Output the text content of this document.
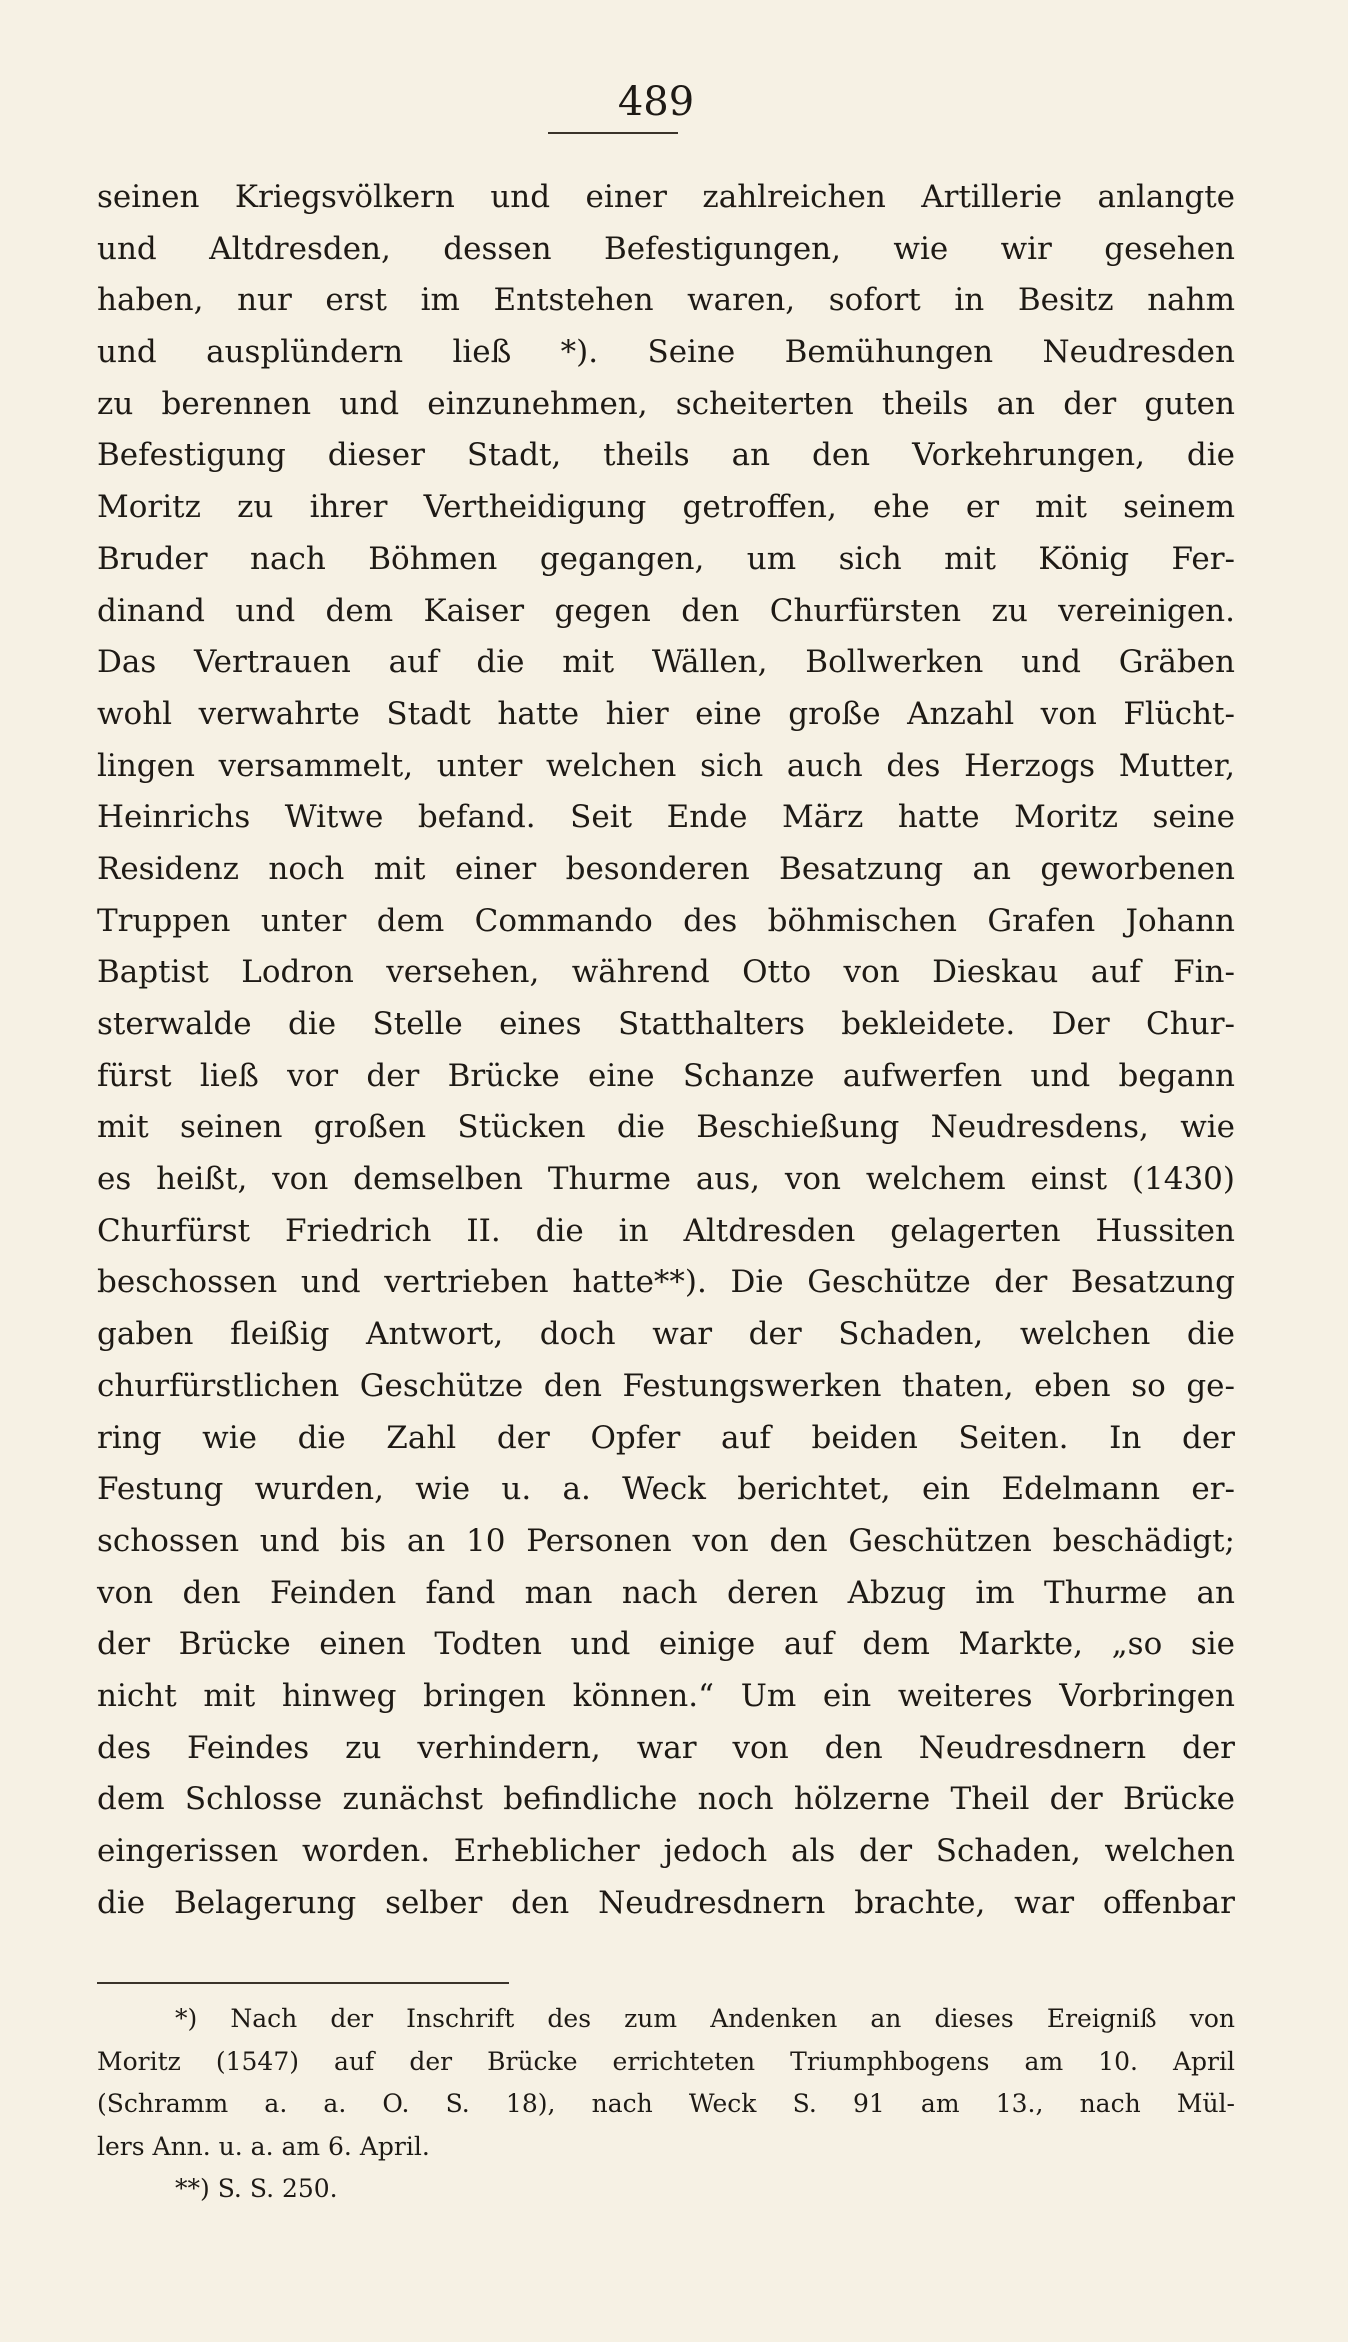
489
seinen Kriegsvölkern und einer zahlreichen Artillerie anlangte
und Altdresden, dessen Befestigungen, wie wir gesehen
haben, nur erst im Entstehen waren, sofort in Besitz nahm
und ausplündern ließ *). Seine Bemühungen Neudresden
zu berennen und einzunehmen, scheiterten theils an der guten
Befestigung dieser Stadt, theils an den Vorkehrungen, die
Moritz zu ihrer Vertheidigung getroffen, ehe er mit seinem
Bruder nach Böhmen gegangen, um sich mit König Fer-
dinand und dem Kaiser gegen den Churfürsten zu vereinigen.
Das Vertrauen auf die mit Wällen, Bollwerken und Gräben
wohl verwahrte Stadt hatte hier eine große Anzahl von Flücht-
lingen versammelt, unter welchen sich auch des Herzogs Mutter,
Heinrichs Witwe befand. Seit Ende März hatte Moritz seine
Residenz noch mit einer besonderen Besatzung an geworbenen
Truppen unter dem Commando des böhmischen Grafen Johann
Baptist Lodron versehen, während Otto von Dieskau auf Fin-
sterwalde die Stelle eines Statthalters bekleidete. Der Chur-
fürst ließ vor der Brücke eine Schanze aufwerfen und begann
mit seinen großen Stücken die Beschießung Neudresdens, wie
es heißt, von demselben Thurme aus, von welchem einst (1430)
Churfürst Friedrich II. die in Altdresden gelagerten Hussiten
beschossen und vertrieben hatte**). Die Geschütze der Besatzung
gaben fleißig Antwort, doch war der Schaden, welchen die
churfürstlichen Geschütze den Festungswerken thaten, eben so ge-
ring wie die Zahl der Opfer auf beiden Seiten. In der
Festung wurden, wie u. a. Weck berichtet, ein Edelmann er-
schossen und bis an 10 Personen von den Geschützen beschädigt;
von den Feinden fand man nach deren Abzug im Thurme an
der Brücke einen Todten und einige auf dem Markte, „so sie
nicht mit hinweg bringen können.“ Um ein weiteres Vorbringen
des Feindes zu verhindern, war von den Neudresdnern der
dem Schlosse zunächst befindliche noch hölzerne Theil der Brücke
eingerissen worden. Erheblicher jedoch als der Schaden, welchen
die Belagerung selber den Neudresdnern brachte, war offenbar
*) Nach der Inschrift des zum Andenken an dieses Ereigniß von
Moritz (1547) auf der Brücke errichteten Triumphbogens am 10. April
(Schramm a. a. O. S. 18), nach Weck S. 91 am 13., nach Mül-
lers Ann. u. a. am 6. April.
**) S. S. 250.
